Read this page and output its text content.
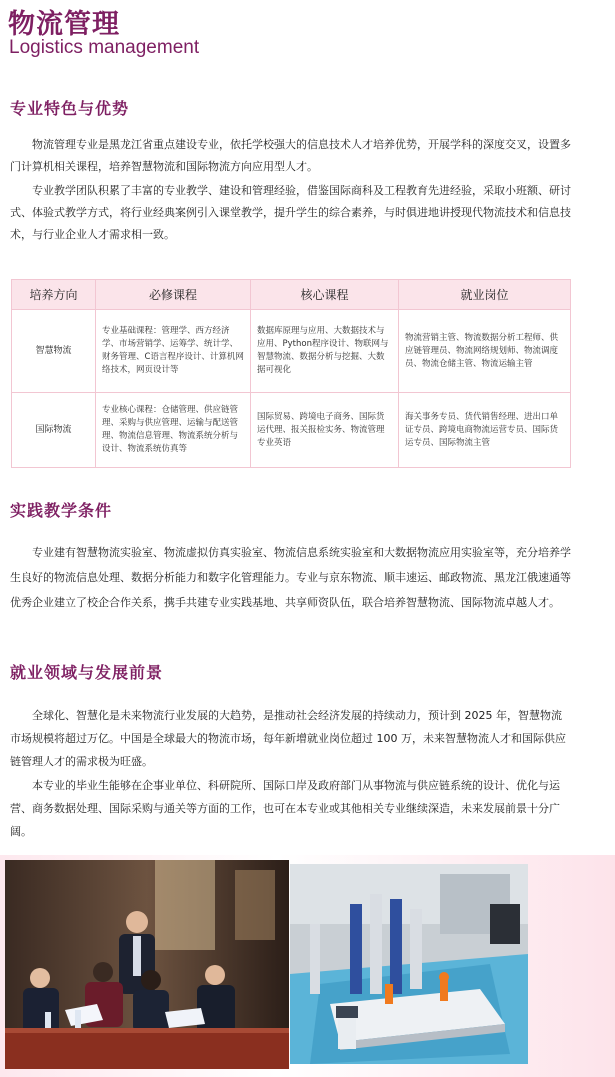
物流管理
Logistics management
专业特色与优势

物流管理专业是黑龙江省重点建设专业，依托学校强大的信息技术人才培养优势，开展学科的深度交叉，设置多门计算机相关课程，培养智慧物流和国际物流方向应用型人才。

专业教学团队积累了丰富的专业教学、建设和管理经验，借鉴国际商科及工程教育先进经验，采取小班额、研讨式、体验式教学方式，将行业经典案例引入课堂教学，提升学生的综合素养，与时俱进地讲授现代物流技术和信息技术，与行业企业人才需求相一致。

培养方向	必修课程	核心课程	就业岗位
智慧物流	专业基础课程：管理学、西方经济学、市场营销学、运筹学、统计学、财务管理、C语言程序设计、计算机网络技术，网页设计等	数据库原理与应用、大数据技术与应用、Python程序设计、物联网与智慧物流、数据分析与挖掘、大数据可视化	物流营销主管、物流数据分析工程师、供应链管理员、物流网络规划师、物流调度员、物流仓储主管、物流运输主管
国际物流	专业核心课程：仓储管理、供应链管理、采购与供应管理、运输与配送管理、物流信息管理、物流系统分析与设计、物流系统仿真等	国际贸易、跨境电子商务、国际货运代理、报关报检实务、物流管理专业英语	海关事务专员、货代销售经理、进出口单证专员、跨境电商物流运营专员、国际货运专员、国际物流主管
实践教学条件

专业建有智慧物流实验室、物流虚拟仿真实验室、物流信息系统实验室和大数据物流应用实验室等，充分培养学生良好的物流信息处理、数据分析能力和数字化管理能力。专业与京东物流、顺丰速运、邮政物流、黑龙江俄速通等优秀企业建立了校企合作关系，携手共建专业实践基地、共享师资队伍，联合培养智慧物流、国际物流卓越人才。

就业领域与发展前景

全球化、智慧化是未来物流行业发展的大趋势，是推动社会经济发展的持续动力，预计到 2025 年，智慧物流市场规模将超过万亿。中国是全球最大的物流市场，每年新增就业岗位超过 100 万，未来智慧物流人才和国际供应链管理人才的需求极为旺盛。

本专业的毕业生能够在企事业单位、科研院所、国际口岸及政府部门从事物流与供应链系统的设计、优化与运营、商务数据处理、国际采购与通关等方面的工作，也可在本专业或其他相关专业继续深造，未来发展前景十分广阔。
